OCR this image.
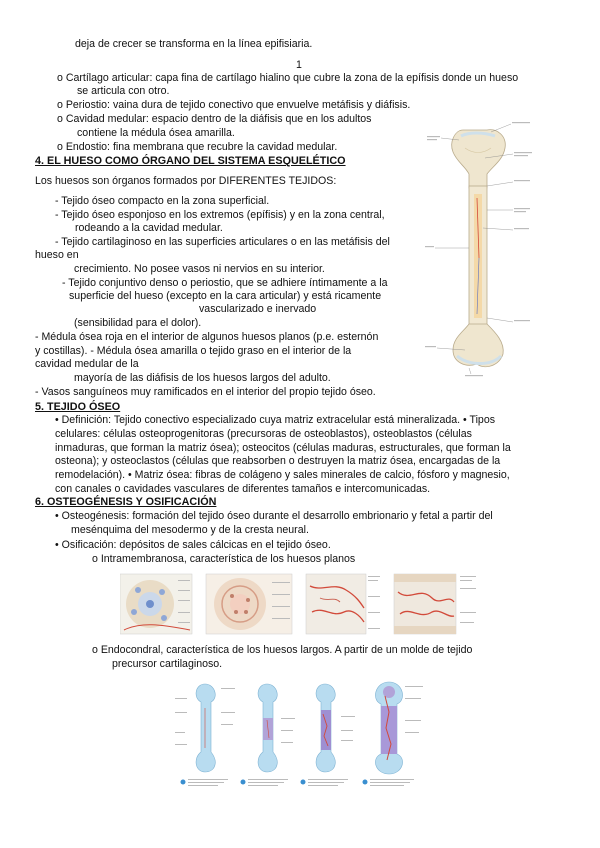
deja de crecer se transforma en la línea epifisiaria.
1
o Cartílago articular: capa fina de cartílago hialino que cubre la zona de la epífisis donde un hueso
se articula con otro.
o Periostio: vaina dura de tejido conectivo que envuelve metáfisis y diáfisis.
o Cavidad medular: espacio dentro de la diáfisis que en los adultos
contiene la médula ósea amarilla.
o Endostio: fina membrana que recubre la cavidad medular.
4. EL HUESO COMO ÓRGANO DEL SISTEMA ESQUELÉTICO
Los huesos son órganos formados por DIFERENTES TEJIDOS:
- Tejido óseo compacto en la zona superficial.
- Tejido óseo esponjoso en los extremos (epífisis) y en la zona central,
rodeando a la cavidad medular.
- Tejido cartilaginoso en las superficies articulares o en las metáfisis del
hueso en
crecimiento. No posee vasos ni nervios en su interior.
- Tejido conjuntivo denso o periostio, que se adhiere íntimamente a la
superficie del hueso (excepto en la cara articular) y está ricamente
vascularizado e inervado
(sensibilidad para el dolor).
- Médula ósea roja en el interior de algunos huesos planos (p.e. esternón
y costillas). - Médula ósea amarilla o tejido graso en el interior de la
cavidad medular de la
mayoría de las diáfisis de los huesos largos del adulto.
- Vasos sanguíneos muy ramificados en el interior del propio tejido óseo.
5. TEJIDO ÓSEO
• Definición: Tejido conectivo especializado cuya matriz extracelular está mineralizada. • Tipos
celulares: células osteoprogenitoras (precursoras de osteoblastos), osteoblastos (células
inmaduras, que forman la matriz ósea); osteocitos (células maduras, estructurales, que forman la
osteona); y osteoclastos (células que reabsorben o destruyen la matriz ósea, encargadas de la
remodelación). • Matriz ósea: fibras de colágeno y sales minerales de calcio, fósforo y magnesio,
con canales o cavidades vasculares de diferentes tamaños e intercomunicadas.
6. OSTEOGÉNESIS Y OSIFICACIÓN
• Osteogénesis: formación del tejido óseo durante el desarrollo embrionario y fetal a partir del
mesénquima del mesodermo y de la cresta neural.
• Osificación: depósitos de sales cálcicas en el tejido óseo.
o Intramembranosa, característica de los huesos planos
o Endocondral, característica de los huesos largos. A partir de un molde de tejido
precursor cartilaginoso.
